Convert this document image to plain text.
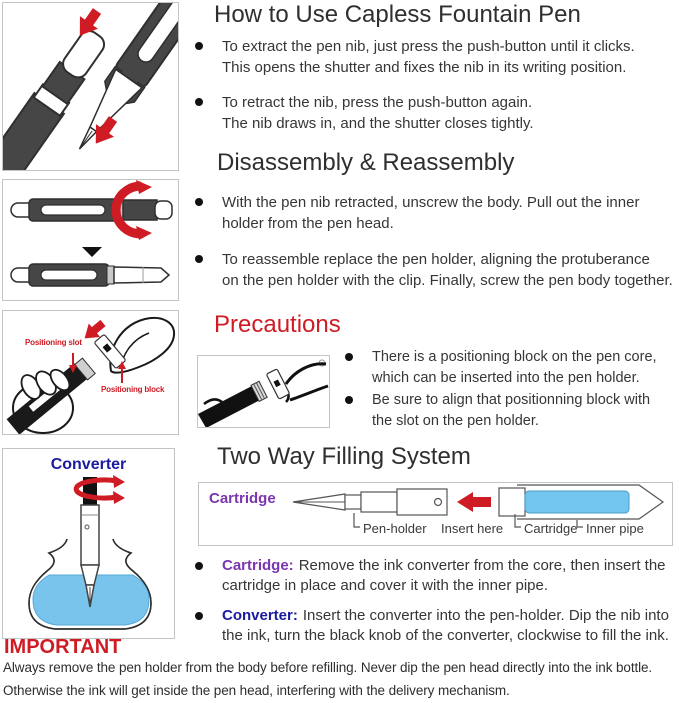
How to Use Capless Fountain Pen
To extract the pen nib, just press the push-button until it clicks.
This opens the shutter and fixes the nib in its writing position.
To retract the nib, press the push-button again.
The nib draws in, and the shutter closes tightly.
Disassembly & Reassembly
With the pen nib retracted, unscrew the body. Pull out the inner
holder from the pen head.
To reassemble replace the pen holder, aligning the protuberance
on the pen holder with the clip. Finally, screw the pen body together.
Positioning slot
Positioning block
Precautions
There is a positioning block on the pen core,
which can be inserted into the pen holder.
Be sure to align that positionning block with
the slot on the pen holder.
Converter	Two Way Filling System
Cartridge
Pen-holder Insert here Cartridge Inner pipe
Cartridge: Remove the ink converter from the core, then insert the
cartridge in place and cover it with the inner pipe.
Converter: Insert the converter into the pen-holder. Dip the nib into
the ink, turn the black knob of the converter, clockwise to fill the ink.
IMPORTANT
Always remove the pen holder from the body before refilling. Never dip the pen head directly into the ink bottle.
Otherwise the ink will get inside the pen head, interfering with the delivery mechanism.
